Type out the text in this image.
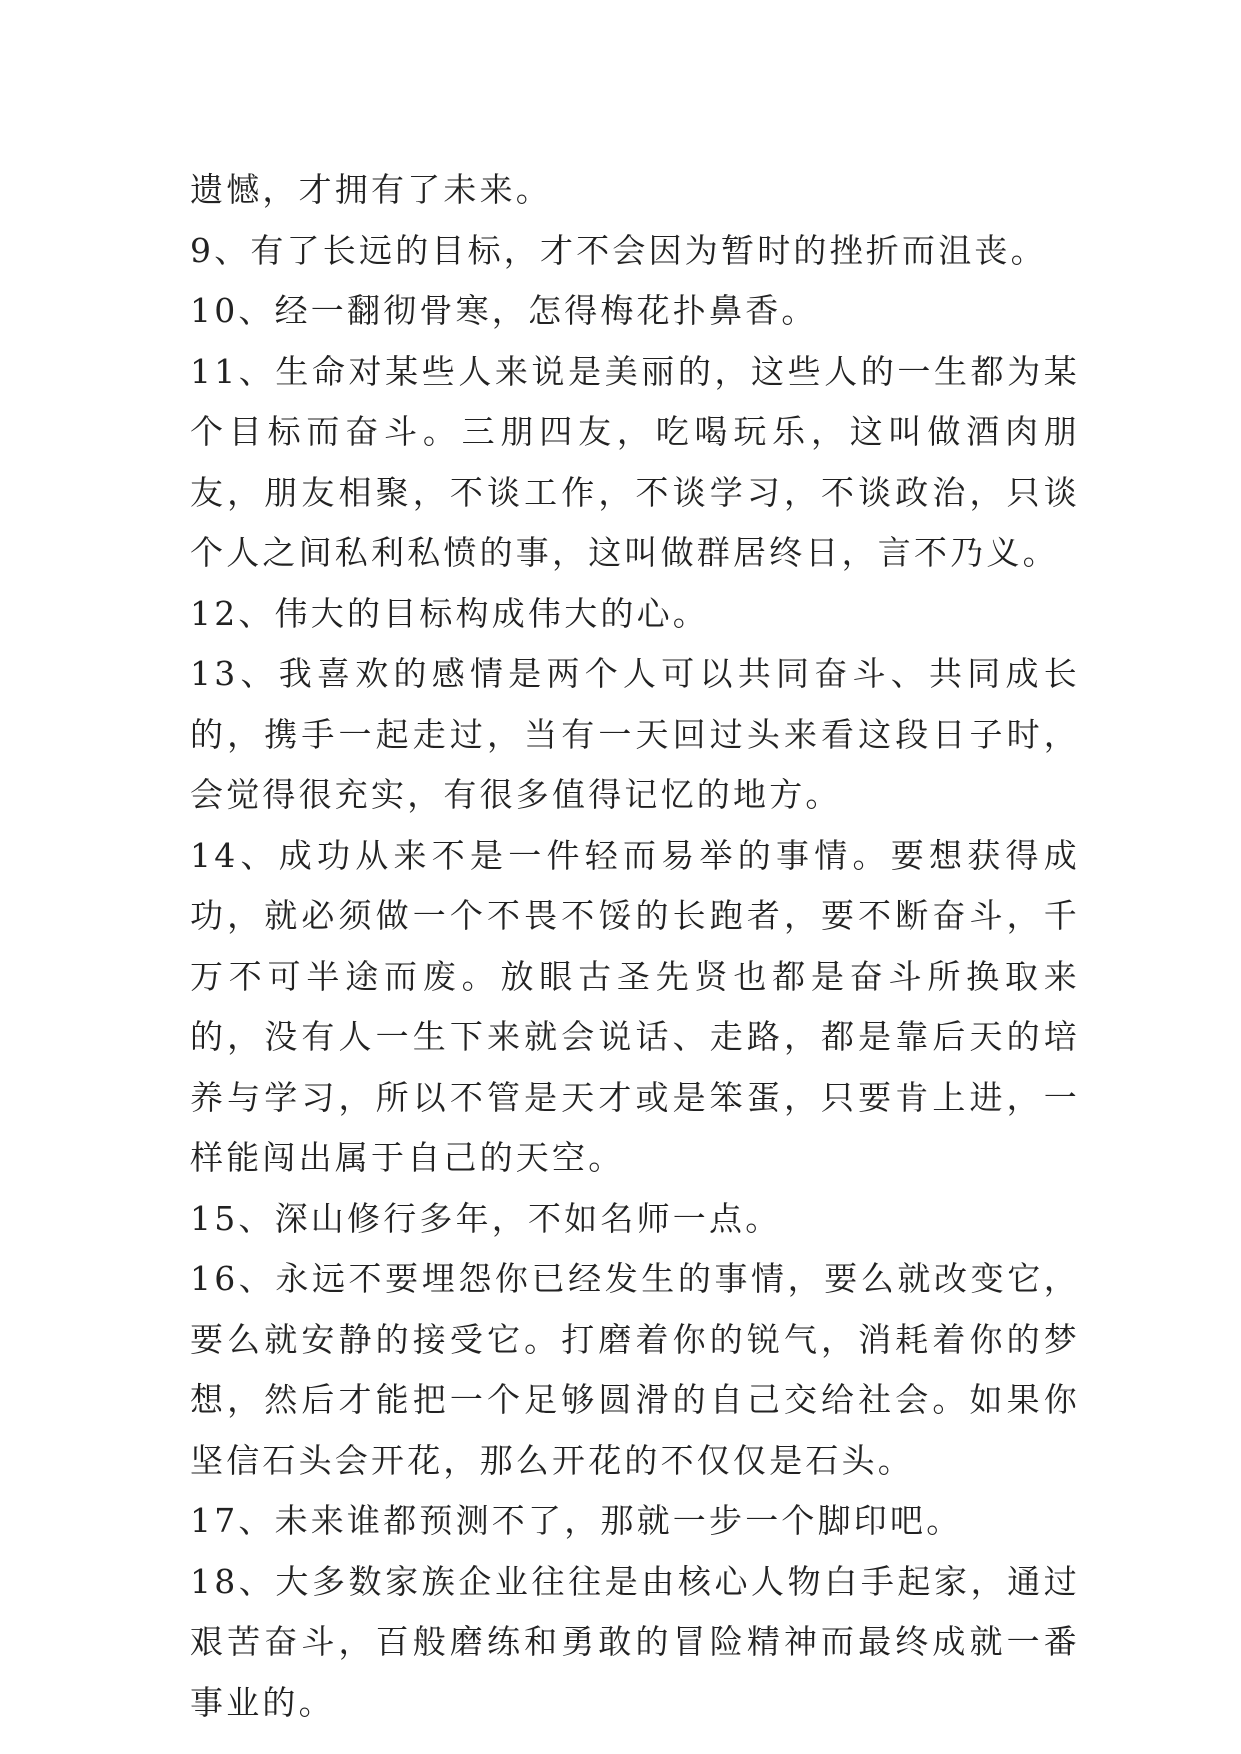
遗憾，才拥有了未来。

9、有了长远的目标，才不会因为暂时的挫折而沮丧。

10、经一翻彻骨寒，怎得梅花扑鼻香。

11、生命对某些人来说是美丽的，这些人的一生都为某个目标而奋斗。三朋四友，吃喝玩乐，这叫做酒肉朋友，朋友相聚，不谈工作，不谈学习，不谈政治，只谈个人之间私利私愤的事，这叫做群居终日，言不乃义。

12、伟大的目标构成伟大的心。

13、我喜欢的感情是两个人可以共同奋斗、共同成长的，携手一起走过，当有一天回过头来看这段日子时，会觉得很充实，有很多值得记忆的地方。

14、成功从来不是一件轻而易举的事情。要想获得成功，就必须做一个不畏不馁的长跑者，要不断奋斗，千万不可半途而废。放眼古圣先贤也都是奋斗所换取来的，没有人一生下来就会说话、走路，都是靠后天的培养与学习，所以不管是天才或是笨蛋，只要肯上进，一样能闯出属于自己的天空。

15、深山修行多年，不如名师一点。

16、永远不要埋怨你已经发生的事情，要么就改变它，要么就安静的接受它。打磨着你的锐气，消耗着你的梦想，然后才能把一个足够圆滑的自己交给社会。如果你坚信石头会开花，那么开花的不仅仅是石头。

17、未来谁都预测不了，那就一步一个脚印吧。

18、大多数家族企业往往是由核心人物白手起家，通过艰苦奋斗，百般磨练和勇敢的冒险精神而最终成就一番事业的。
